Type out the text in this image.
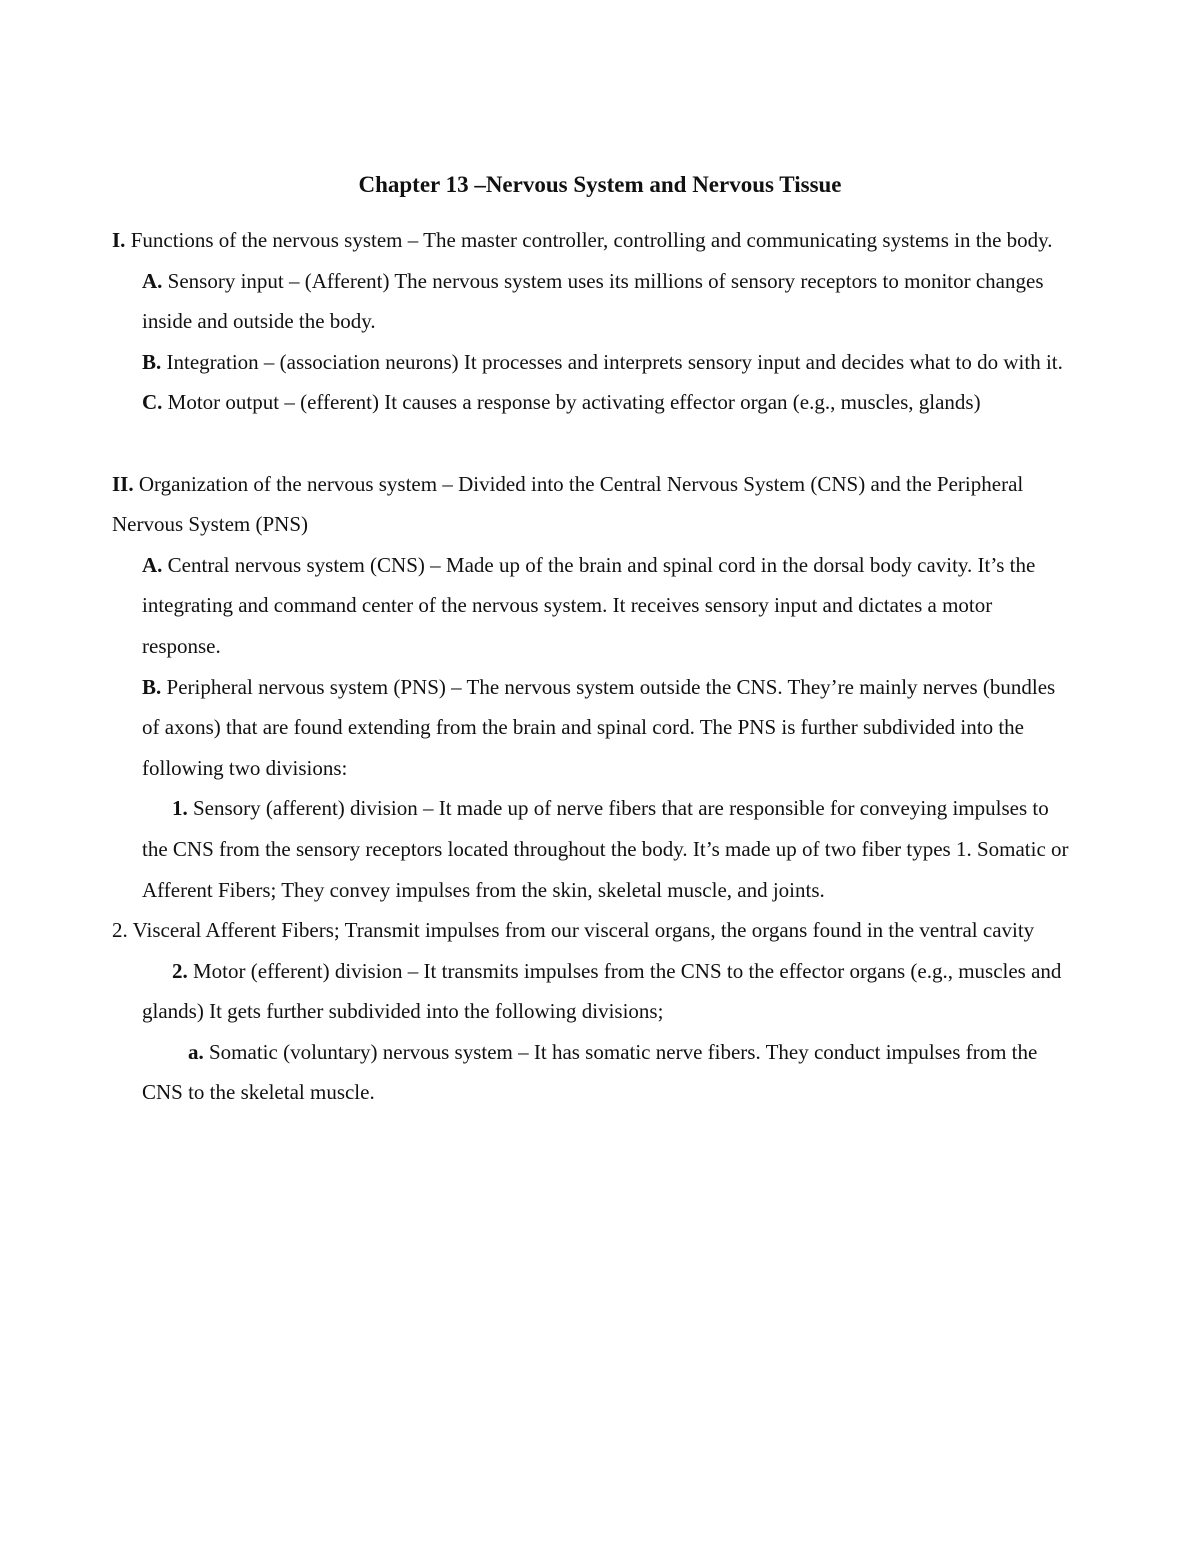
Chapter 13 –Nervous System and Nervous Tissue

I. Functions of the nervous system – The master controller, controlling and communicating systems in the body.

A. Sensory input – (Afferent) The nervous system uses its millions of sensory receptors to monitor changes inside and outside the body.

B. Integration – (association neurons) It processes and interprets sensory input and decides what to do with it.

C. Motor output – (efferent) It causes a response by activating effector organ (e.g., muscles, glands)

II. Organization of the nervous system – Divided into the Central Nervous System (CNS) and the Peripheral Nervous System (PNS)

A. Central nervous system (CNS) – Made up of the brain and spinal cord in the dorsal body cavity. It’s the integrating and command center of the nervous system. It receives sensory input and dictates a motor response.

B. Peripheral nervous system (PNS) – The nervous system outside the CNS. They’re mainly nerves (bundles of axons) that are found extending from the brain and spinal cord. The PNS is further subdivided into the following two divisions:

1. Sensory (afferent) division – It made up of nerve fibers that are responsible for conveying impulses to the CNS from the sensory receptors located throughout the body. It’s made up of two fiber types 1. Somatic or Afferent Fibers; They convey impulses from the skin, skeletal muscle, and joints.

2. Visceral Afferent Fibers; Transmit impulses from our visceral organs, the organs found in the ventral cavity

2. Motor (efferent) division – It transmits impulses from the CNS to the effector organs (e.g., muscles and glands) It gets further subdivided into the following divisions;

a. Somatic (voluntary) nervous system – It has somatic nerve fibers. They conduct impulses from the CNS to the skeletal muscle.
